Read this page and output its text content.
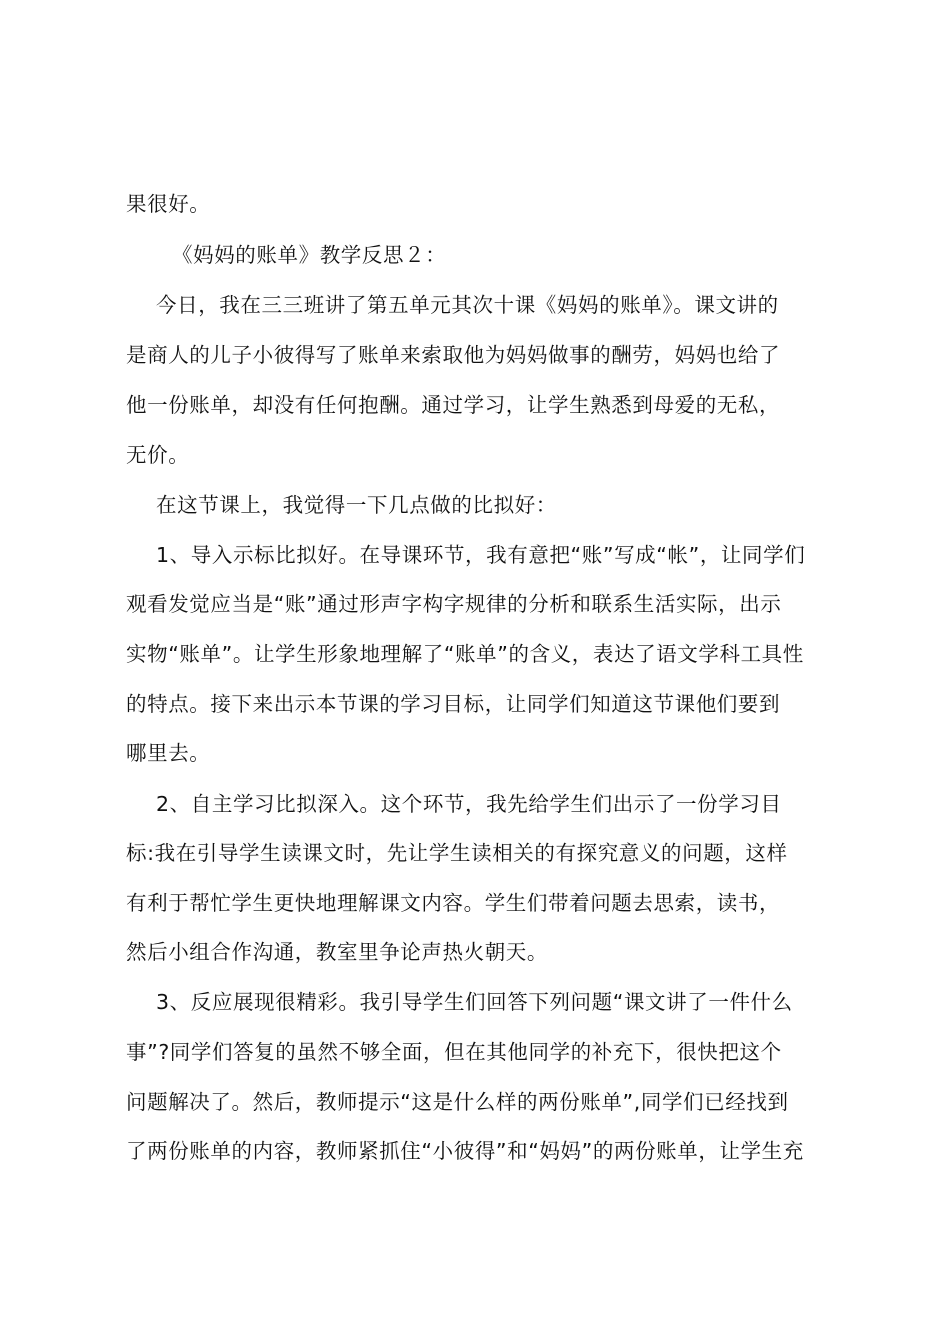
果很好。
《妈妈的账单》教学反思２：
今日，我在三三班讲了第五单元其次十课《妈妈的账单》。课文讲的
是商人的儿子小彼得写了账单来索取他为妈妈做事的酬劳，妈妈也给了
他一份账单，却没有任何抱酬。通过学习，让学生熟悉到母爱的无私，
无价。
在这节课上，我觉得一下几点做的比拟好：
1、导入示标比拟好。在导课环节，我有意把“账”写成“帐”，让同学们
观看发觉应当是“账”通过形声字构字规律的分析和联系生活实际，出示
实物“账单”。让学生形象地理解了“账单”的含义，表达了语文学科工具性
的特点。接下来出示本节课的学习目标，让同学们知道这节课他们要到
哪里去。
2、自主学习比拟深入。这个环节，我先给学生们出示了一份学习目
标:我在引导学生读课文时，先让学生读相关的有探究意义的问题，这样
有利于帮忙学生更快地理解课文内容。学生们带着问题去思索，读书，
然后小组合作沟通，教室里争论声热火朝天。
3、反应展现很精彩。我引导学生们回答下列问题“课文讲了一件什么
事”?同学们答复的虽然不够全面，但在其他同学的补充下，很快把这个
问题解决了。然后，教师提示“这是什么样的两份账单”,同学们已经找到
了两份账单的内容，教师紧抓住“小彼得”和“妈妈”的两份账单，让学生充
